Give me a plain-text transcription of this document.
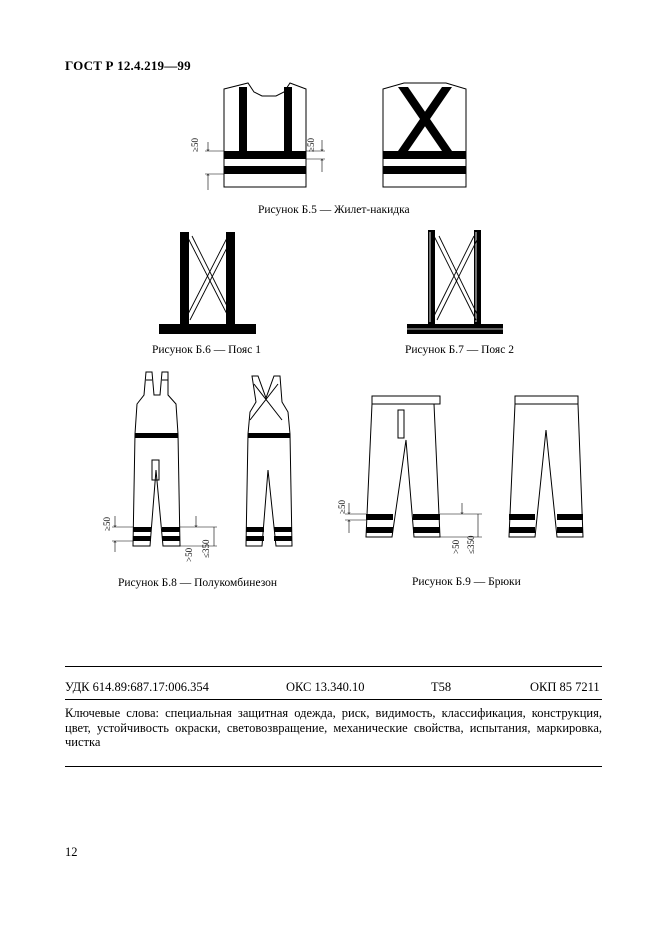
ГОСТ Р 12.4.219—99
≥50	≥50
≥50
>50 ≤350
≥50
>50 ≤350
Рисунок Б.5 — Жилет-накидка
Рисунок Б.6 — Пояс 1	Рисунок Б.7 — Пояс 2
Рисунок Б.8 — Полукомбинезон	Рисунок Б.9 — Брюки
УДК 614.89:687.17:006.354	ОКС 13.340.10	Т58	ОКП 85 7211
Ключевые слова: специальная защитная одежда, риск, видимость, классификация, конструкция, цвет, устойчивость окраски, световозвращение, механические свойства, испытания, маркировка, чистка
12
